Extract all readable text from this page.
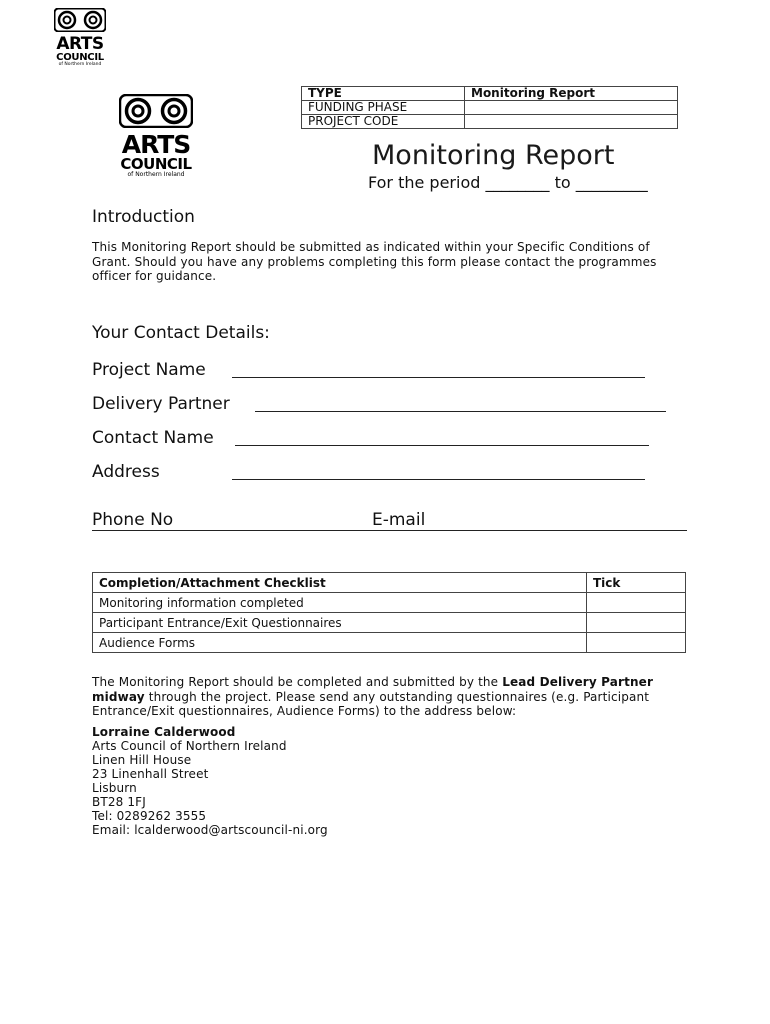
ARTS
COUNCIL
of Northern Ireland
TYPE	Monitoring Report
FUNDING PHASE	
PROJECT CODE	
ARTS
COUNCIL
of Northern Ireland
Monitoring Report
For the period ________ to _________
Introduction
This Monitoring Report should be submitted as indicated within your Specific Conditions of Grant. Should you have any problems completing this form please contact the programmes officer for guidance.
Your Contact Details:
Project Name
Delivery Partner
Contact Name
Address
Phone No	E-mail
Completion/Attachment Checklist	Tick
Monitoring information completed	
Participant Entrance/Exit Questionnaires	
Audience Forms	
The Monitoring Report should be completed and submitted by the Lead Delivery Partner midway through the project. Please send any outstanding questionnaires (e.g. Participant Entrance/Exit questionnaires, Audience Forms) to the address below:
Lorraine Calderwood
Arts Council of Northern Ireland
Linen Hill House
23 Linenhall Street
Lisburn
BT28 1FJ
Tel: 0289262 3555
Email: lcalderwood@artscouncil-ni.org
